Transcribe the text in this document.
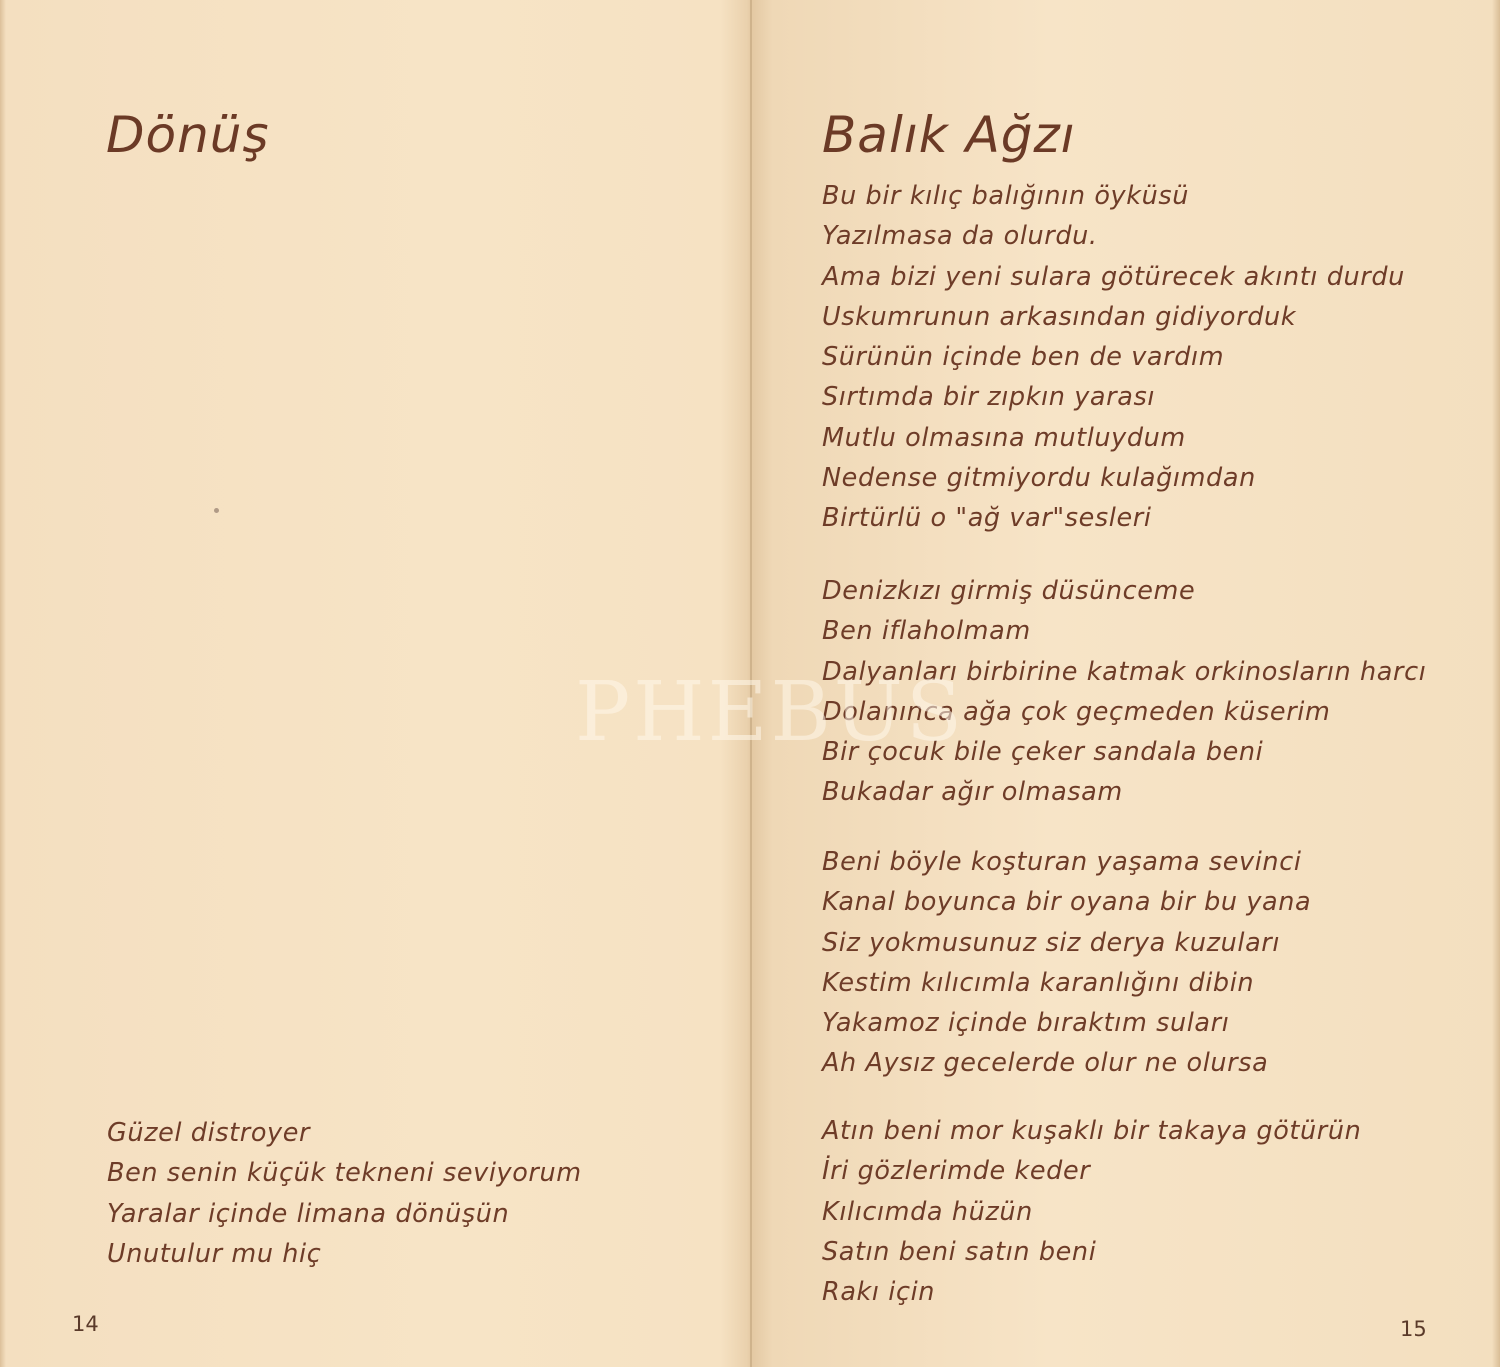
Dönüş
Güzel distroyer
Ben senin küçük tekneni seviyorum
Yaralar içinde limana dönüşün
Unutulur mu hiç
14
Balık Ağzı
Bu bir kılıç balığının öyküsü
Yazılmasa da olurdu.
Ama bizi yeni sulara götürecek akıntı durdu
Uskumrunun arkasından gidiyorduk
Sürünün içinde ben de vardım
Sırtımda bir zıpkın yarası
Mutlu olmasına mutluydum
Nedense gitmiyordu kulağımdan
Birtürlü o "ağ var"sesleri
Denizkızı girmiş düsünceme
Ben iflaholmam
Dalyanları birbirine katmak orkinosların harcı
Dolanınca ağa çok geçmeden küserim
Bir çocuk bile çeker sandala beni
Bukadar ağır olmasam
Beni böyle koşturan yaşama sevinci
Kanal boyunca bir oyana bir bu yana
Siz yokmusunuz siz derya kuzuları
Kestim kılıcımla karanlığını dibin
Yakamoz içinde bıraktım suları
Ah Aysız gecelerde olur ne olursa
Atın beni mor kuşaklı bir takaya götürün
İri gözlerimde keder
Kılıcımda hüzün
Satın beni satın beni
Rakı için
15
PHEBUS
